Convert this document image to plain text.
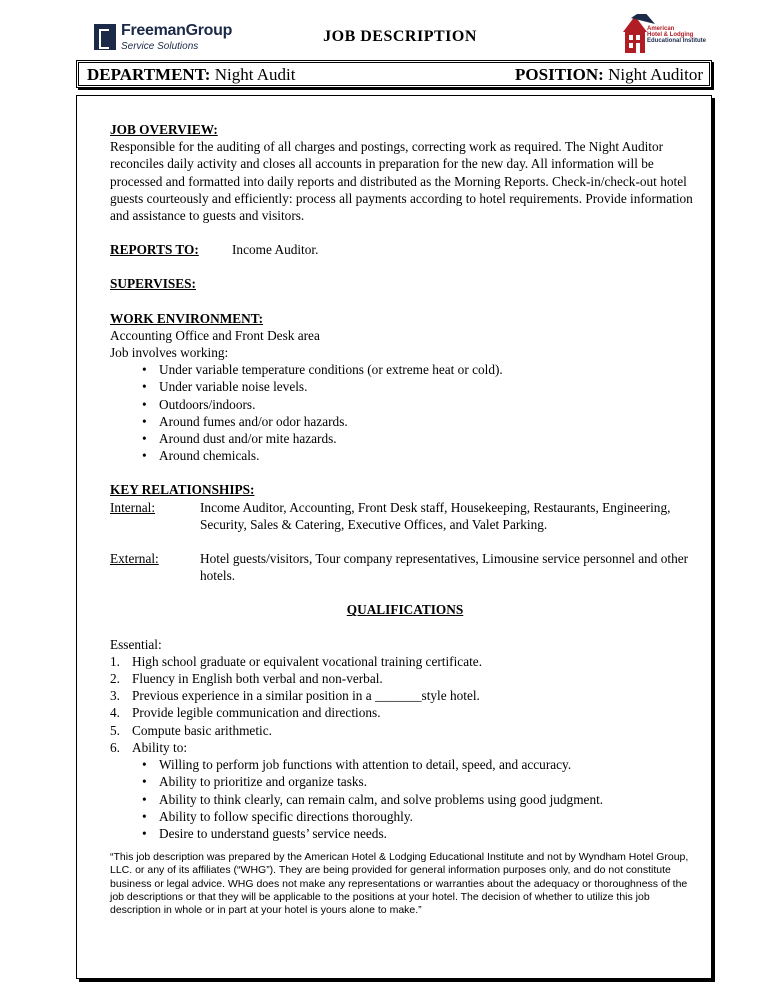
FreemanGroup
Service Solutions
JOB DESCRIPTION	American
Hotel & Lodging
Educational Institute
DEPARTMENT: Night Audit	POSITION: Night Auditor

JOB OVERVIEW:

Responsible for the auditing of all charges and postings, correcting work as required. The Night Auditor reconciles daily activity and closes all accounts in preparation for the new day. All information will be processed and formatted into daily reports and distributed as the Morning Reports. Check-in/check-out hotel guests courteously and efficiently: process all payments according to hotel requirements. Provide information and assistance to guests and visitors.

REPORTS TO:	Income Auditor.

SUPERVISES:

WORK ENVIRONMENT:

Accounting Office and Front Desk area

Job involves working:

• Under variable temperature conditions (or extreme heat or cold).
• Under variable noise levels.
• Outdoors/indoors.
• Around fumes and/or odor hazards.
• Around dust and/or mite hazards.
• Around chemicals.

KEY RELATIONSHIPS:

Internal:	Income Auditor, Accounting, Front Desk staff, Housekeeping, Restaurants, Engineering, Security, Sales & Catering, Executive Offices, and Valet Parking.
External:	Hotel guests/visitors, Tour company representatives, Limousine service personnel and other hotels.

QUALIFICATIONS

Essential:

1. High school graduate or equivalent vocational training certificate.
2. Fluency in English both verbal and non-verbal.
3. Previous experience in a similar position in a _______style hotel.
4. Provide legible communication and directions.
5. Compute basic arithmetic.
6. Ability to:
• Willing to perform job functions with attention to detail, speed, and accuracy.
• Ability to prioritize and organize tasks.
• Ability to think clearly, can remain calm, and solve problems using good judgment.
• Ability to follow specific directions thoroughly.
• Desire to understand guests’ service needs.

“This job description was prepared by the American Hotel & Lodging Educational Institute and not by Wyndham Hotel Group, LLC. or any of its affiliates (“WHG”). They are being provided for general information purposes only, and do not constitute business or legal advice. WHG does not make any representations or warranties about the adequacy or thoroughness of the job descriptions or that they will be applicable to the positions at your hotel. The decision of whether to utilize this job description in whole or in part at your hotel is yours alone to make.”
